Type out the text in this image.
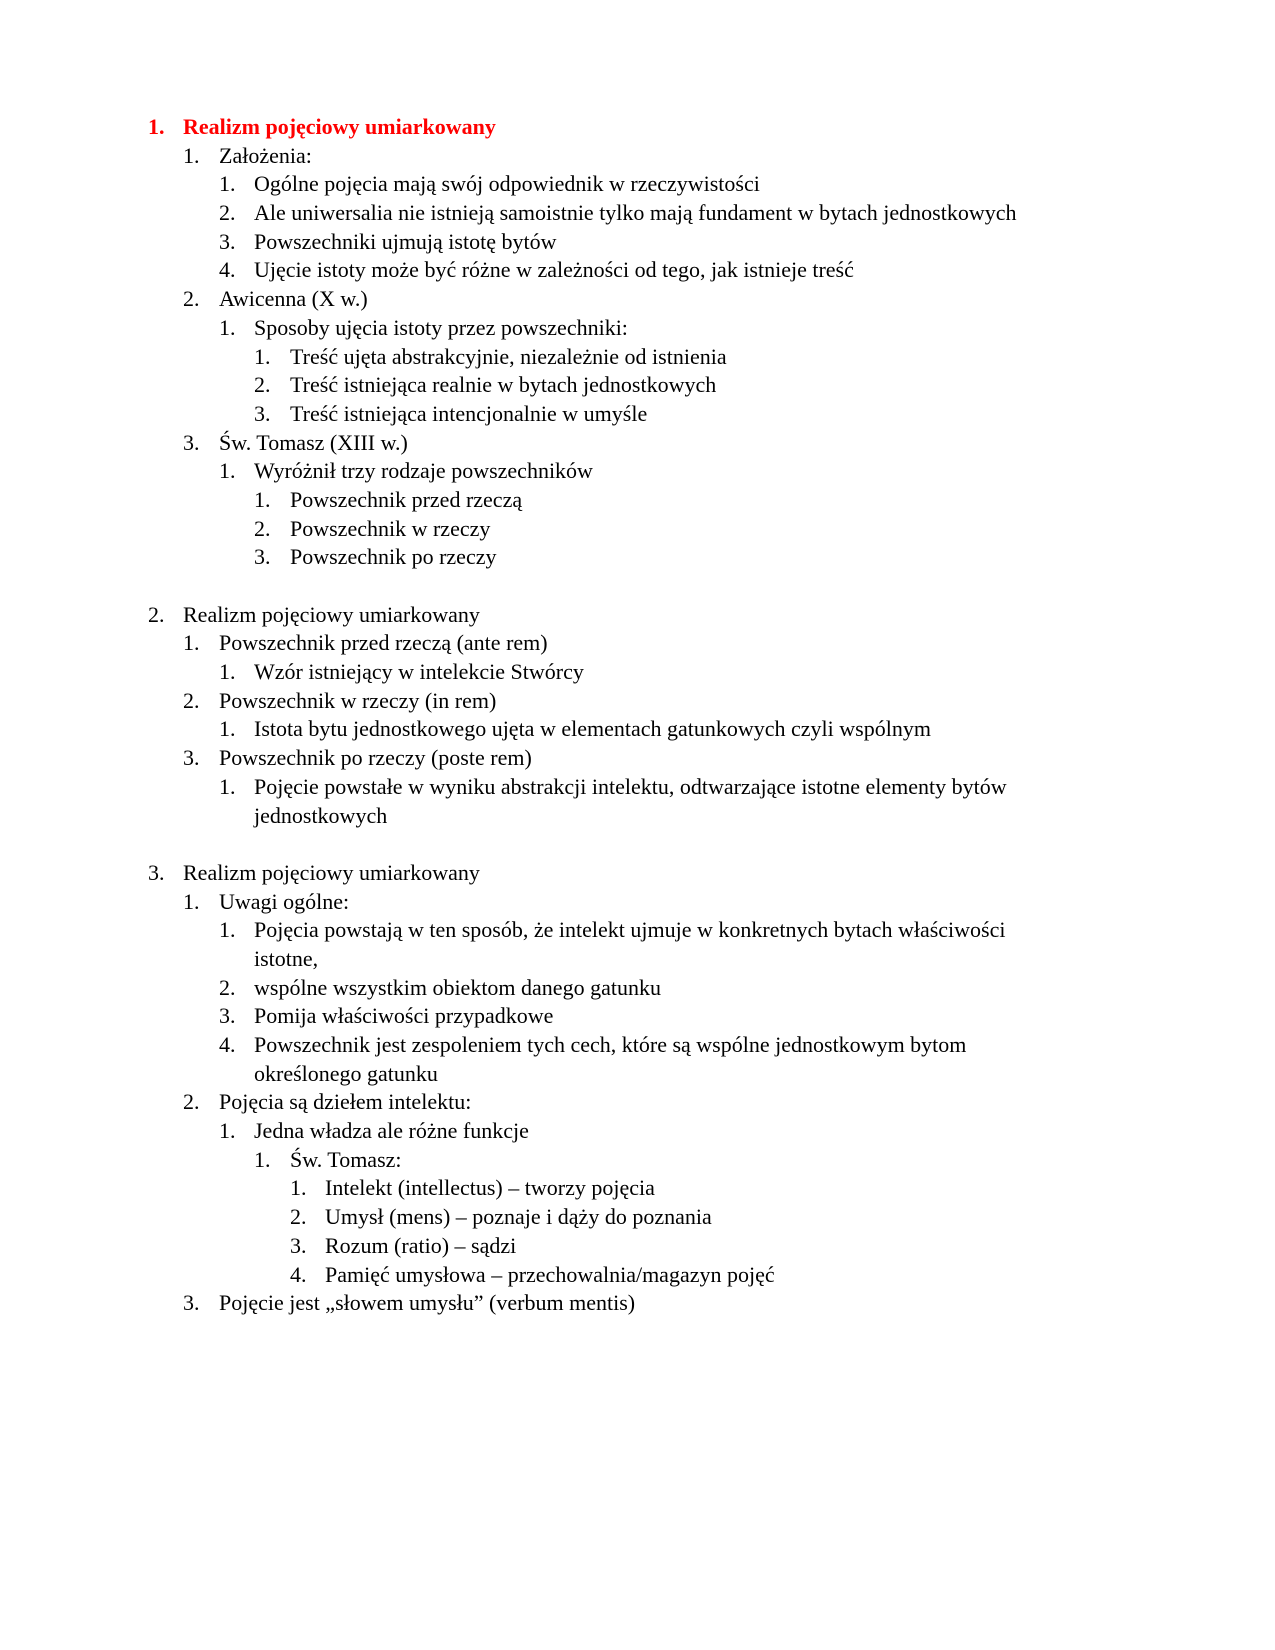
1. Realizm pojęciowy umiarkowany
1. Założenia:
1. Ogólne pojęcia mają swój odpowiednik w rzeczywistości
2. Ale uniwersalia nie istnieją samoistnie tylko mają fundament w bytach jednostkowych
3. Powszechniki ujmują istotę bytów
4. Ujęcie istoty może być różne w zależności od tego, jak istnieje treść
2. Awicenna (X w.)
1. Sposoby ujęcia istoty przez powszechniki:
1. Treść ujęta abstrakcyjnie, niezależnie od istnienia
2. Treść istniejąca realnie w bytach jednostkowych
3. Treść istniejąca intencjonalnie w umyśle
3. Św. Tomasz (XIII w.)
1. Wyróżnił trzy rodzaje powszechników
1. Powszechnik przed rzeczą
2. Powszechnik w rzeczy
3. Powszechnik po rzeczy
2. Realizm pojęciowy umiarkowany
1. Powszechnik przed rzeczą (ante rem)
1. Wzór istniejący w intelekcie Stwórcy
2. Powszechnik w rzeczy (in rem)
1. Istota bytu jednostkowego ujęta w elementach gatunkowych czyli wspólnym
3. Powszechnik po rzeczy (poste rem)
1. Pojęcie powstałe w wyniku abstrakcji intelektu, odtwarzające istotne elementy bytów
jednostkowych
3. Realizm pojęciowy umiarkowany
1. Uwagi ogólne:
1. Pojęcia powstają w ten sposób, że intelekt ujmuje w konkretnych bytach właściwości
istotne,
2. wspólne wszystkim obiektom danego gatunku
3. Pomija właściwości przypadkowe
4. Powszechnik jest zespoleniem tych cech, które są wspólne jednostkowym bytom
określonego gatunku
2. Pojęcia są dziełem intelektu:
1. Jedna władza ale różne funkcje
1. Św. Tomasz:
1. Intelekt (intellectus) – tworzy pojęcia
2. Umysł (mens) – poznaje i dąży do poznania
3. Rozum (ratio) – sądzi
4. Pamięć umysłowa – przechowalnia/magazyn pojęć
3. Pojęcie jest „słowem umysłu” (verbum mentis)
